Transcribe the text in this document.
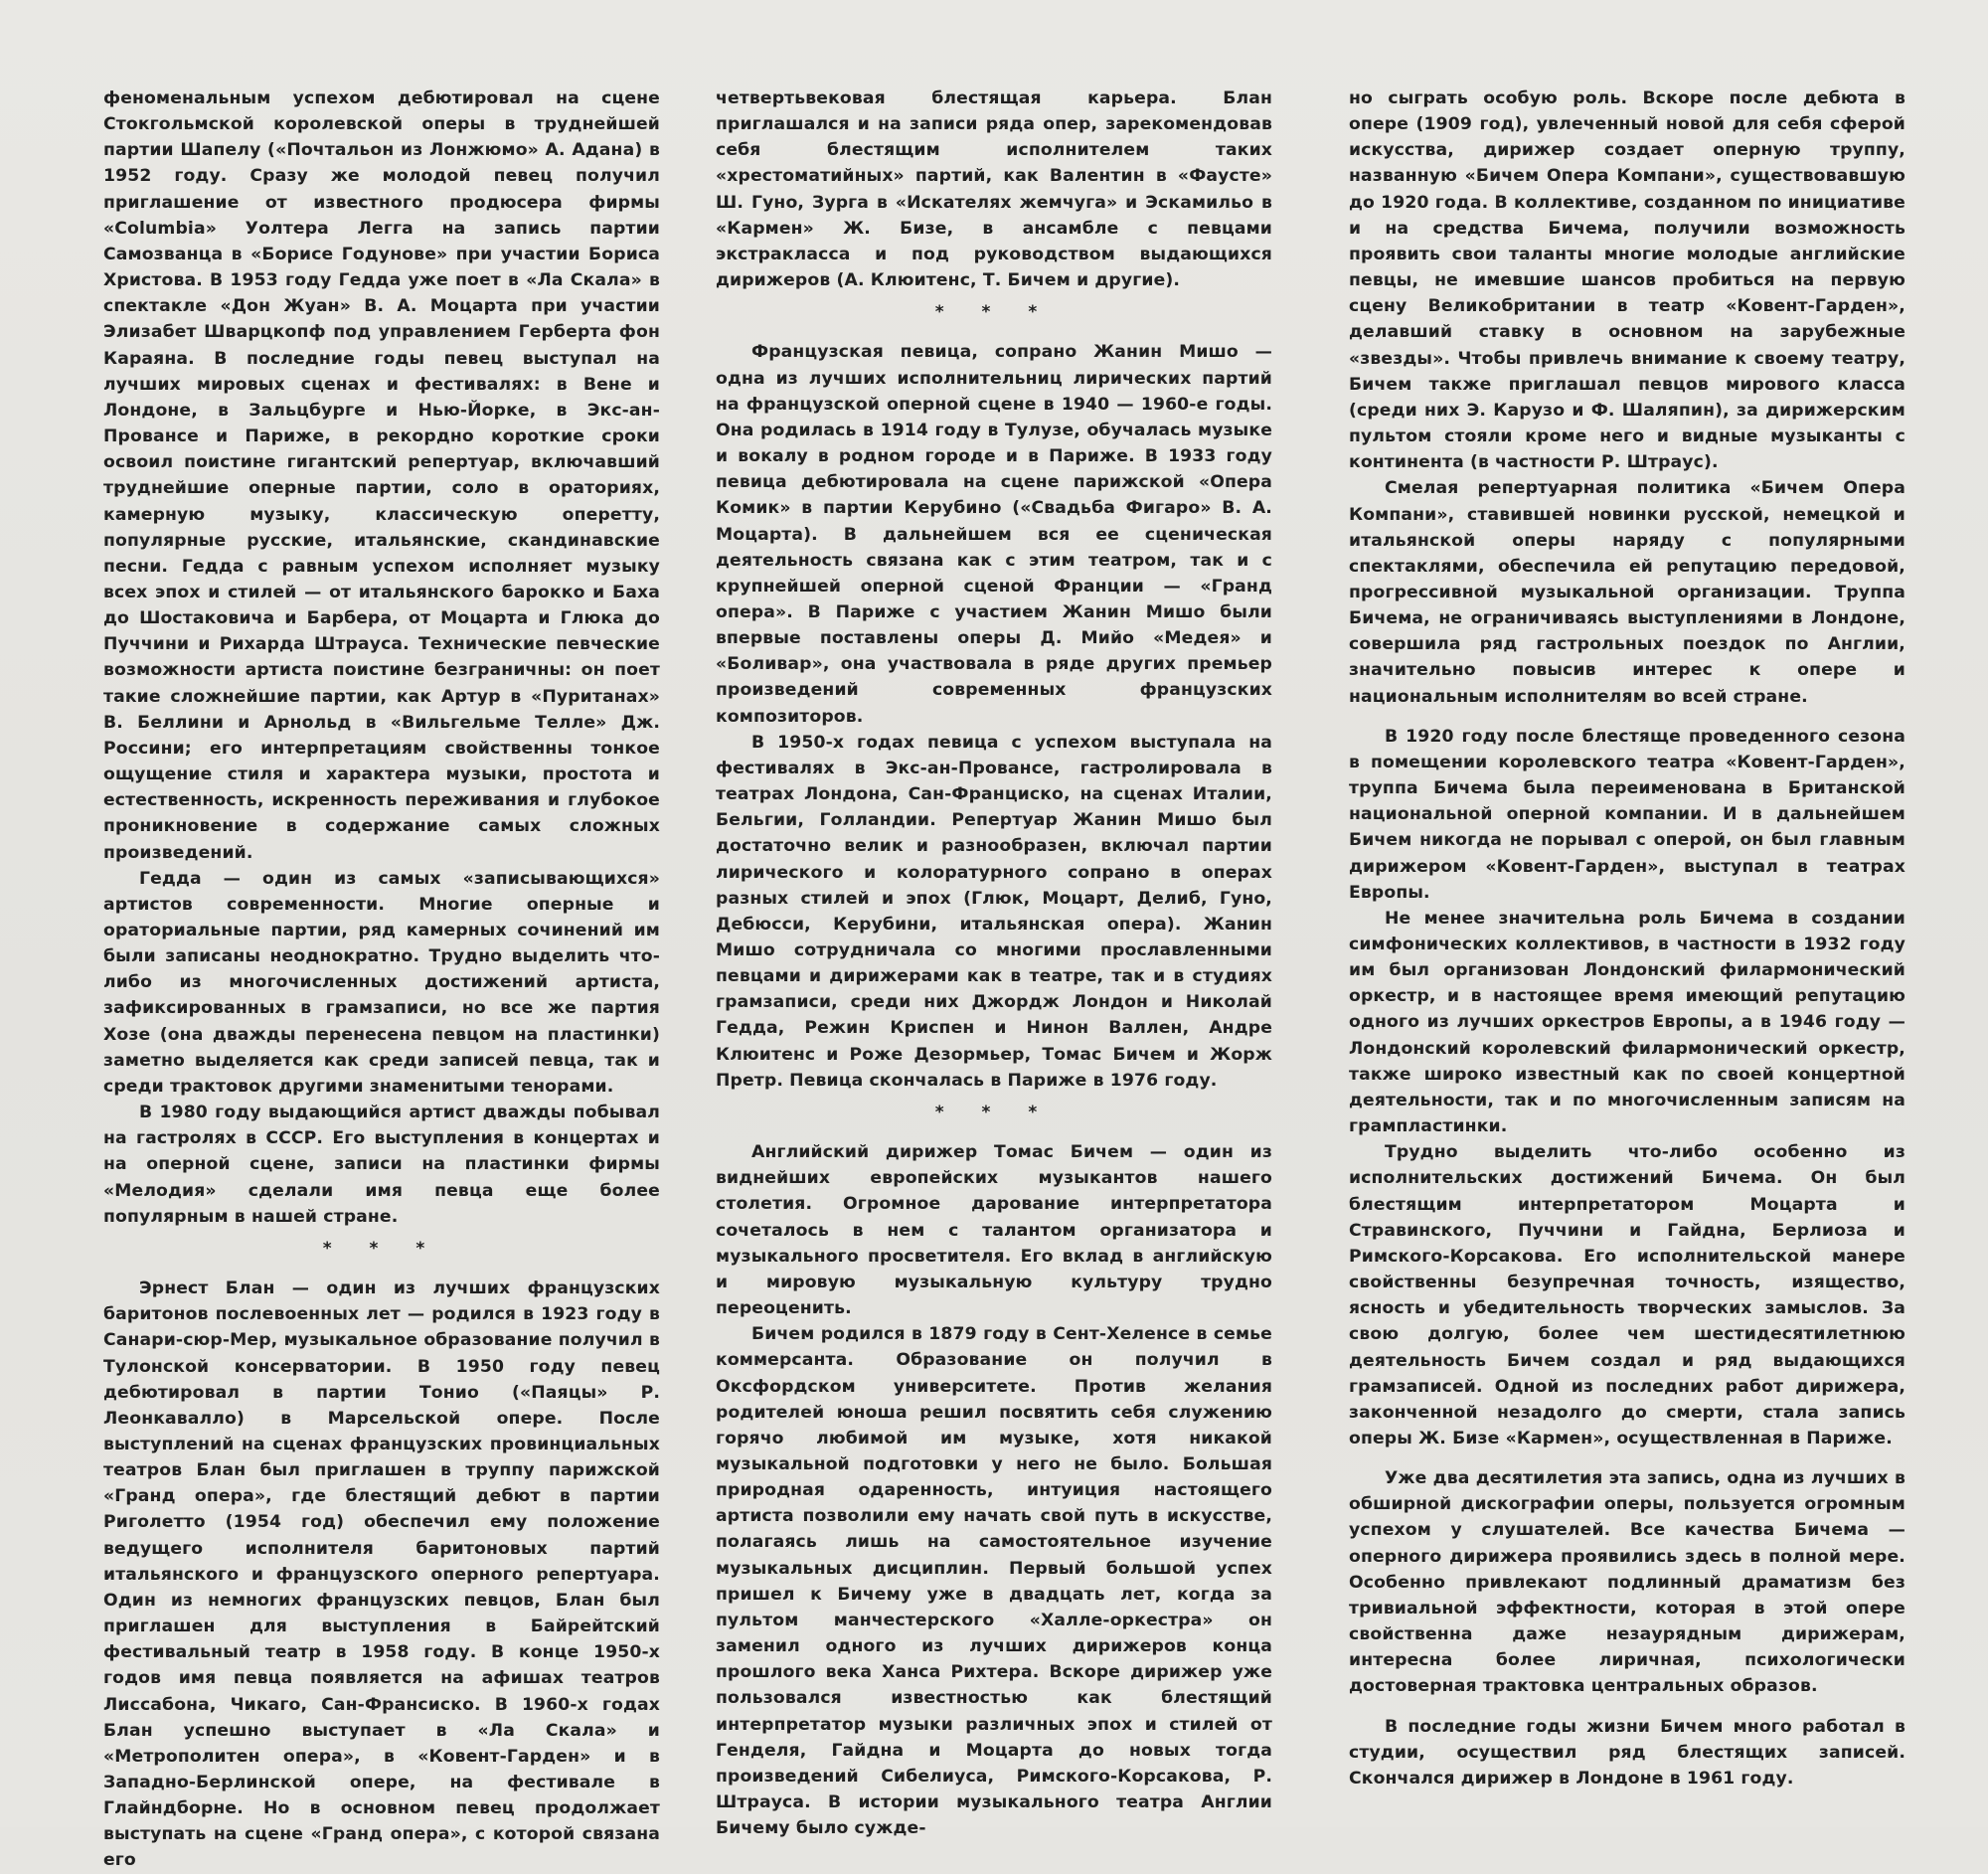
феноменальным успехом дебютировал на сцене Стокгольмской королевской оперы в труднейшей партии Шапелу («Почтальон из Лонжюмо» А. Адана) в 1952 году. Сразу же молодой певец получил приглашение от известного продюсера фирмы «Columbia» Уолтера Легга на запись партии Самозванца в «Борисе Годунове» при участии Бориса Христова. В 1953 году Гедда уже поет в «Ла Скала» в спектакле «Дон Жуан» В. А. Моцарта при участии Элизабет Шварцкопф под управлением Герберта фон Караяна. В последние годы певец выступал на лучших мировых сценах и фестивалях: в Вене и Лондоне, в Зальцбурге и Нью-Йорке, в Экс-ан-Провансе и Париже, в рекордно короткие сроки освоил поистине гигантский репертуар, включавший труднейшие оперные партии, соло в ораториях, камерную музыку, классическую оперетту, популярные русские, итальянские, скандинавские песни. Гедда с равным успехом исполняет музыку всех эпох и стилей — от итальянского барокко и Баха до Шостаковича и Барбера, от Моцарта и Глюка до Пуччини и Рихарда Штрауса. Технические певческие возможности артиста поистине безграничны: он поет такие сложнейшие партии, как Артур в «Пуританах» В. Беллини и Арнольд в «Вильгельме Телле» Дж. Россини; его интерпретациям свойственны тонкое ощущение стиля и характера музыки, простота и естественность, искренность переживания и глубокое проникновение в содержание самых сложных произведений.

Гедда — один из самых «записывающихся» артистов современности. Многие оперные и ораториальные партии, ряд камерных сочинений им были записаны неоднократно. Трудно выделить что-либо из многочисленных достижений артиста, зафиксированных в грамзаписи, но все же партия Хозе (она дважды перенесена певцом на пластинки) заметно выделяется как среди записей певца, так и среди трактовок другими знаменитыми тенорами.

В 1980 году выдающийся артист дважды побывал на гастролях в СССР. Его выступления в концертах и на оперной сцене, записи на пластинки фирмы «Мелодия» сделали имя певца еще более популярным в нашей стране.

* * *

Эрнест Блан — один из лучших французских баритонов послевоенных лет — родился в 1923 году в Санари-сюр-Мер, музыкальное образование получил в Тулонской консерватории. В 1950 году певец дебютировал в партии Тонио («Паяцы» Р. Леонкавалло) в Марсельской опере. После выступлений на сценах французских провинциальных театров Блан был приглашен в труппу парижской «Гранд опера», где блестящий дебют в партии Риголетто (1954 год) обеспечил ему положение ведущего исполнителя баритоновых партий итальянского и французского оперного репертуара. Один из немногих французских певцов, Блан был приглашен для выступления в Байрейтский фестивальный театр в 1958 году. В конце 1950-х годов имя певца появляется на афишах театров Лиссабона, Чикаго, Сан-Франсиско. В 1960-х годах Блан успешно выступает в «Ла Скала» и «Метрополитен опера», в «Ковент-Гарден» и в Западно-Берлинской опере, на фестивале в Глайндборне. Но в основном певец продолжает выступать на сцене «Гранд опера», с которой связана его

четвертьвековая блестящая карьера. Блан приглашался и на записи ряда опер, зарекомендовав себя блестящим исполнителем таких «хрестоматийных» партий, как Валентин в «Фаусте» Ш. Гуно, Зурга в «Искателях жемчуга» и Эскамильо в «Кармен» Ж. Бизе, в ансамбле с певцами экстракласса и под руководством выдающихся дирижеров (А. Клюитенс, Т. Бичем и другие).

* * *

Французская певица, сопрано Жанин Мишо — одна из лучших исполнительниц лирических партий на французской оперной сцене в 1940 — 1960-е годы. Она родилась в 1914 году в Тулузе, обучалась музыке и вокалу в родном городе и в Париже. В 1933 году певица дебютировала на сцене парижской «Опера Комик» в партии Керубино («Свадьба Фигаро» В. А. Моцарта). В дальнейшем вся ее сценическая деятельность связана как с этим театром, так и с крупнейшей оперной сценой Франции — «Гранд опера». В Париже с участием Жанин Мишо были впервые поставлены оперы Д. Мийо «Медея» и «Боливар», она участвовала в ряде других премьер произведений современных французских композиторов.

В 1950-х годах певица с успехом выступала на фестивалях в Экс-ан-Провансе, гастролировала в театрах Лондона, Сан-Франциско, на сценах Италии, Бельгии, Голландии. Репертуар Жанин Мишо был достаточно велик и разнообразен, включал партии лирического и колоратурного сопрано в операх разных стилей и эпох (Глюк, Моцарт, Делиб, Гуно, Дебюсси, Керубини, итальянская опера). Жанин Мишо сотрудничала со многими прославленными певцами и дирижерами как в театре, так и в студиях грамзаписи, среди них Джордж Лондон и Николай Гедда, Режин Криспен и Нинон Валлен, Андре Клюитенс и Роже Дезормьер, Томас Бичем и Жорж Претр. Певица скончалась в Париже в 1976 году.

* * *

Английский дирижер Томас Бичем — один из виднейших европейских музыкантов нашего столетия. Огромное дарование интерпретатора сочеталось в нем с талантом организатора и музыкального просветителя. Его вклад в английскую и мировую музыкальную культуру трудно переоценить.

Бичем родился в 1879 году в Сент-Хеленсе в семье коммерсанта. Образование он получил в Оксфордском университете. Против желания родителей юноша решил посвятить себя служению горячо любимой им музыке, хотя никакой музыкальной подготовки у него не было. Большая природная одаренность, интуиция настоящего артиста позволили ему начать свой путь в искусстве, полагаясь лишь на самостоятельное изучение музыкальных дисциплин. Первый большой успех пришел к Бичему уже в двадцать лет, когда за пультом манчестерского «Халле-оркестра» он заменил одного из лучших дирижеров конца прошлого века Ханса Рихтера. Вскоре дирижер уже пользовался известностью как блестящий интерпретатор музыки различных эпох и стилей от Генделя, Гайдна и Моцарта до новых тогда произведений Сибелиуса, Римского-Корсакова, Р. Штрауса. В истории музыкального театра Англии Бичему было сужде-

но сыграть особую роль. Вскоре после дебюта в опере (1909 год), увлеченный новой для себя сферой искусства, дирижер создает оперную труппу, названную «Бичем Опера Компани», существовавшую до 1920 года. В коллективе, созданном по инициативе и на средства Бичема, получили возможность проявить свои таланты многие молодые английские певцы, не имевшие шансов пробиться на первую сцену Великобритании в театр «Ковент-Гарден», делавший ставку в основном на зарубежные «звезды». Чтобы привлечь внимание к своему театру, Бичем также приглашал певцов мирового класса (среди них Э. Карузо и Ф. Шаляпин), за дирижерским пультом стояли кроме него и видные музыканты с континента (в частности Р. Штраус).

Смелая репертуарная политика «Бичем Опера Компани», ставившей новинки русской, немецкой и итальянской оперы наряду с популярными спектаклями, обеспечила ей репутацию передовой, прогрессивной музыкальной организации. Труппа Бичема, не ограничиваясь выступлениями в Лондоне, совершила ряд гастрольных поездок по Англии, значительно повысив интерес к опере и национальным исполнителям во всей стране.

В 1920 году после блестяще проведенного сезона в помещении королевского театра «Ковент-Гарден», труппа Бичема была переименована в Британской национальной оперной компании. И в дальнейшем Бичем никогда не порывал с оперой, он был главным дирижером «Ковент-Гарден», выступал в театрах Европы.

Не менее значительна роль Бичема в создании симфонических коллективов, в частности в 1932 году им был организован Лондонский филармонический оркестр, и в настоящее время имеющий репутацию одного из лучших оркестров Европы, а в 1946 году — Лондонский королевский филармонический оркестр, также широко известный как по своей концертной деятельности, так и по многочисленным записям на грампластинки.

Трудно выделить что-либо особенно из исполнительских достижений Бичема. Он был блестящим интерпретатором Моцарта и Стравинского, Пуччини и Гайдна, Берлиоза и Римского-Корсакова. Его исполнительской манере свойственны безупречная точность, изящество, ясность и убедительность творческих замыслов. За свою долгую, более чем шестидесятилетнюю деятельность Бичем создал и ряд выдающихся грамзаписей. Одной из последних работ дирижера, законченной незадолго до смерти, стала запись оперы Ж. Бизе «Кармен», осуществленная в Париже.

Уже два десятилетия эта запись, одна из лучших в обширной дискографии оперы, пользуется огромным успехом у слушателей. Все качества Бичема — оперного дирижера проявились здесь в полной мере. Особенно привлекают подлинный драматизм без тривиальной эффектности, которая в этой опере свойственна даже незаурядным дирижерам, интересна более лиричная, психологически достоверная трактовка центральных образов.

В последние годы жизни Бичем много работал в студии, осуществил ряд блестящих записей. Скончался дирижер в Лондоне в 1961 году.
